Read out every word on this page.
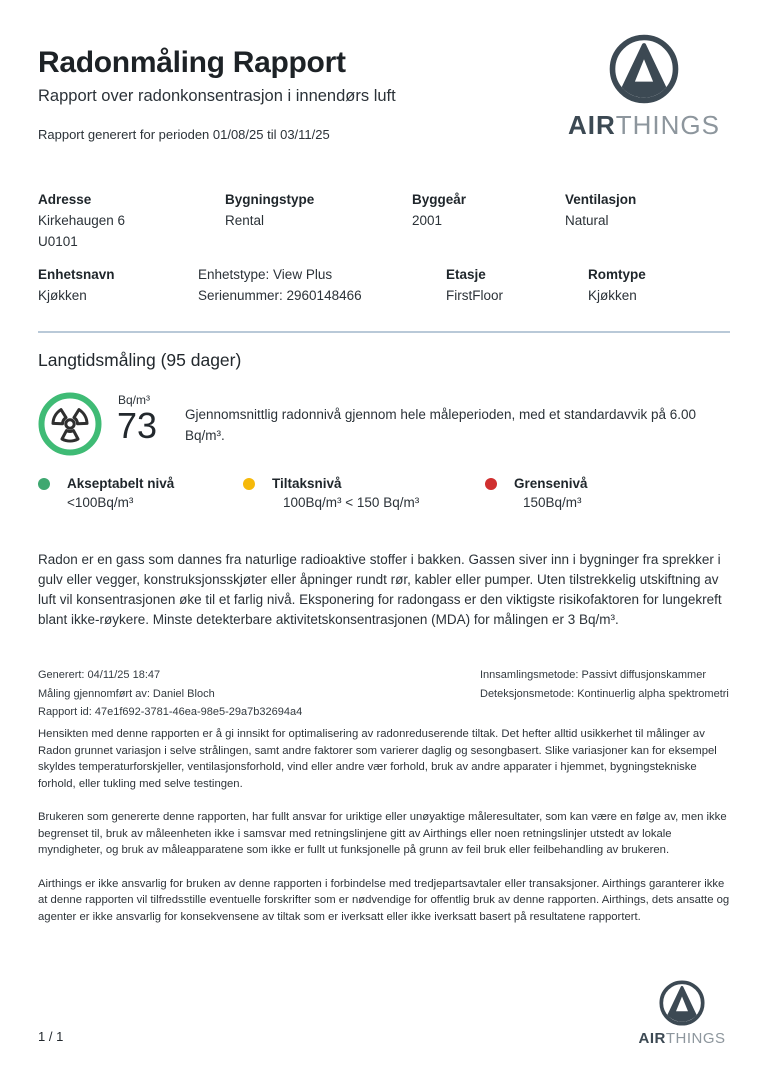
Radonmåling Rapport
Rapport over radonkonsentrasjon i innendørs luft
Rapport generert for perioden 01/08/25 til 03/11/25	AIRTHINGS
Adresse
Kirkehaugen 6
U0101
Bygningstype
Rental
Byggeår
2001
Ventilasjon
Natural
Enhetsnavn
Kjøkken
Enhetstype: View Plus
Serienummer: 2960148466
Etasje
FirstFloor
Romtype
Kjøkken
Langtidsmåling (95 dager)
Bq/m³
73 Gjennomsnittlig radonnivå gjennom hele måleperioden, med et standardavvik på 6.00 Bq/m³.
Akseptabelt nivå
<100Bq/m³
Tiltaksnivå
100Bq/m³ < 150 Bq/m³
Grensenivå
150Bq/m³
Radon er en gass som dannes fra naturlige radioaktive stoffer i bakken. Gassen siver inn i bygninger fra sprekker i gulv eller vegger, konstruksjonsskjøter eller åpninger rundt rør, kabler eller pumper. Uten tilstrekkelig utskiftning av luft vil konsentrasjonen øke til et farlig nivå. Eksponering for radongass er den viktigste risikofaktoren for lungekreft blant ikke-røykere. Minste detekterbare aktivitetskonsentrasjonen (MDA) for målingen er 3 Bq/m³.
Generert: 04/11/25 18:47
Måling gjennomført av: Daniel Bloch
Rapport id: 47e1f692-3781-46ea-98e5-29a7b32694a4
Innsamlingsmetode: Passivt diffusjonskammer
Deteksjonsmetode: Kontinuerlig alpha spektrometri

Hensikten med denne rapporten er å gi innsikt for optimalisering av radonreduserende tiltak. Det hefter alltid usikkerhet til målinger av Radon grunnet variasjon i selve strålingen, samt andre faktorer som varierer daglig og sesongbasert. Slike variasjoner kan for eksempel skyldes temperaturforskjeller, ventilasjonsforhold, vind eller andre vær forhold, bruk av andre apparater i hjemmet, bygningstekniske forhold, eller tukling med selve testingen.

Brukeren som genererte denne rapporten, har fullt ansvar for uriktige eller unøyaktige måleresultater, som kan være en følge av, men ikke begrenset til, bruk av måleenheten ikke i samsvar med retningslinjene gitt av Airthings eller noen retningslinjer utstedt av lokale myndigheter, og bruk av måleapparatene som ikke er fullt ut funksjonelle på grunn av feil bruk eller feilbehandling av brukeren.

Airthings er ikke ansvarlig for bruken av denne rapporten i forbindelse med tredjepartsavtaler eller transaksjoner. Airthings garanterer ikke at denne rapporten vil tilfredsstille eventuelle forskrifter som er nødvendige for offentlig bruk av denne rapporten. Airthings, dets ansatte og agenter er ikke ansvarlig for konsekvensene av tiltak som er iverksatt eller ikke iverksatt basert på resultatene rapportert.

1 / 1	AIRTHINGS
